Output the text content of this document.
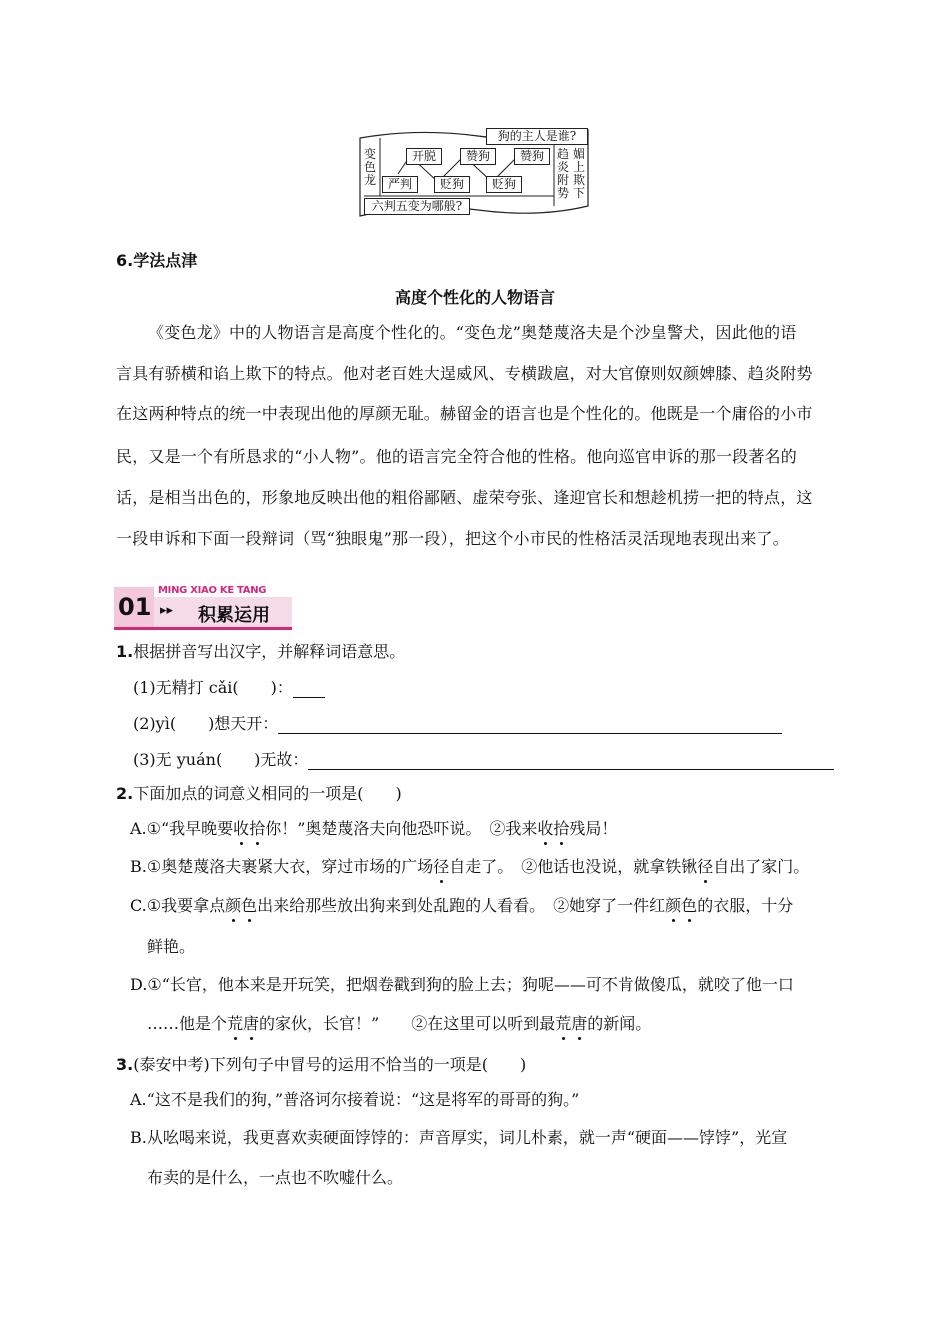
狗的主人是谁?
变
色
龙
趋
炎
附
势
媚
上
欺
下
开脱	赞狗	赞狗
严判	贬狗	贬狗
六判五变为哪般?
6.学法点津
高度个性化的人物语言
《变色龙》中的人物语言是高度个性化的。“变色龙”奥楚蔑洛夫是个沙皇警犬，因此他的语
言具有骄横和谄上欺下的特点。他对老百姓大逞威风、专横跋扈，对大官僚则奴颜婢膝、趋炎附势
在这两种特点的统一中表现出他的厚颜无耻。赫留金的语言也是个性化的。他既是一个庸俗的小市
民，又是一个有所恳求的“小人物”。他的语言完全符合他的性格。他向巡官申诉的那一段著名的
话，是相当出色的，形象地反映出他的粗俗鄙陋、虚荣夸张、逢迎官长和想趁机捞一把的特点，这
一段申诉和下面一段辩词（骂“独眼鬼”那一段），把这个小市民的性格活灵活现地表现出来了。
01
MING XIAO KE TANG
▸▸ 积累运用
1.根据拼音写出汉字，并解释词语意思。
(1)无精打 cǎi(　　)：
(2)yì(　　)想天开：
(3)无 yuán(　　)无故：
2.下面加点的词意义相同的一项是(　　)
A.①“我早晚要收拾你！”奥楚蔑洛夫向他恐吓说。　②我来收拾残局！
B.①奥楚蔑洛夫裹紧大衣，穿过市场的广场径自走了。　②他话也没说，就拿铁锹径自出了家门。
C.①我要拿点颜色出来给那些放出狗来到处乱跑的人看看。　②她穿了一件红颜色的衣服，十分
鲜艳。
D.①“长官，他本来是开玩笑，把烟卷戳到狗的脸上去；狗呢——可不肯做傻瓜，就咬了他一口
……他是个荒唐的家伙，长官！”　　②在这里可以听到最荒唐的新闻。
3.(泰安中考)下列句子中冒号的运用不恰当的一项是(　　)
A.“这不是我们的狗，”普洛诃尔接着说：“这是将军的哥哥的狗。”
B.从吆喝来说，我更喜欢卖硬面饽饽的：声音厚实，词儿朴素，就一声“硬面——饽饽”，光宣
布卖的是什么，一点也不吹嘘什么。
